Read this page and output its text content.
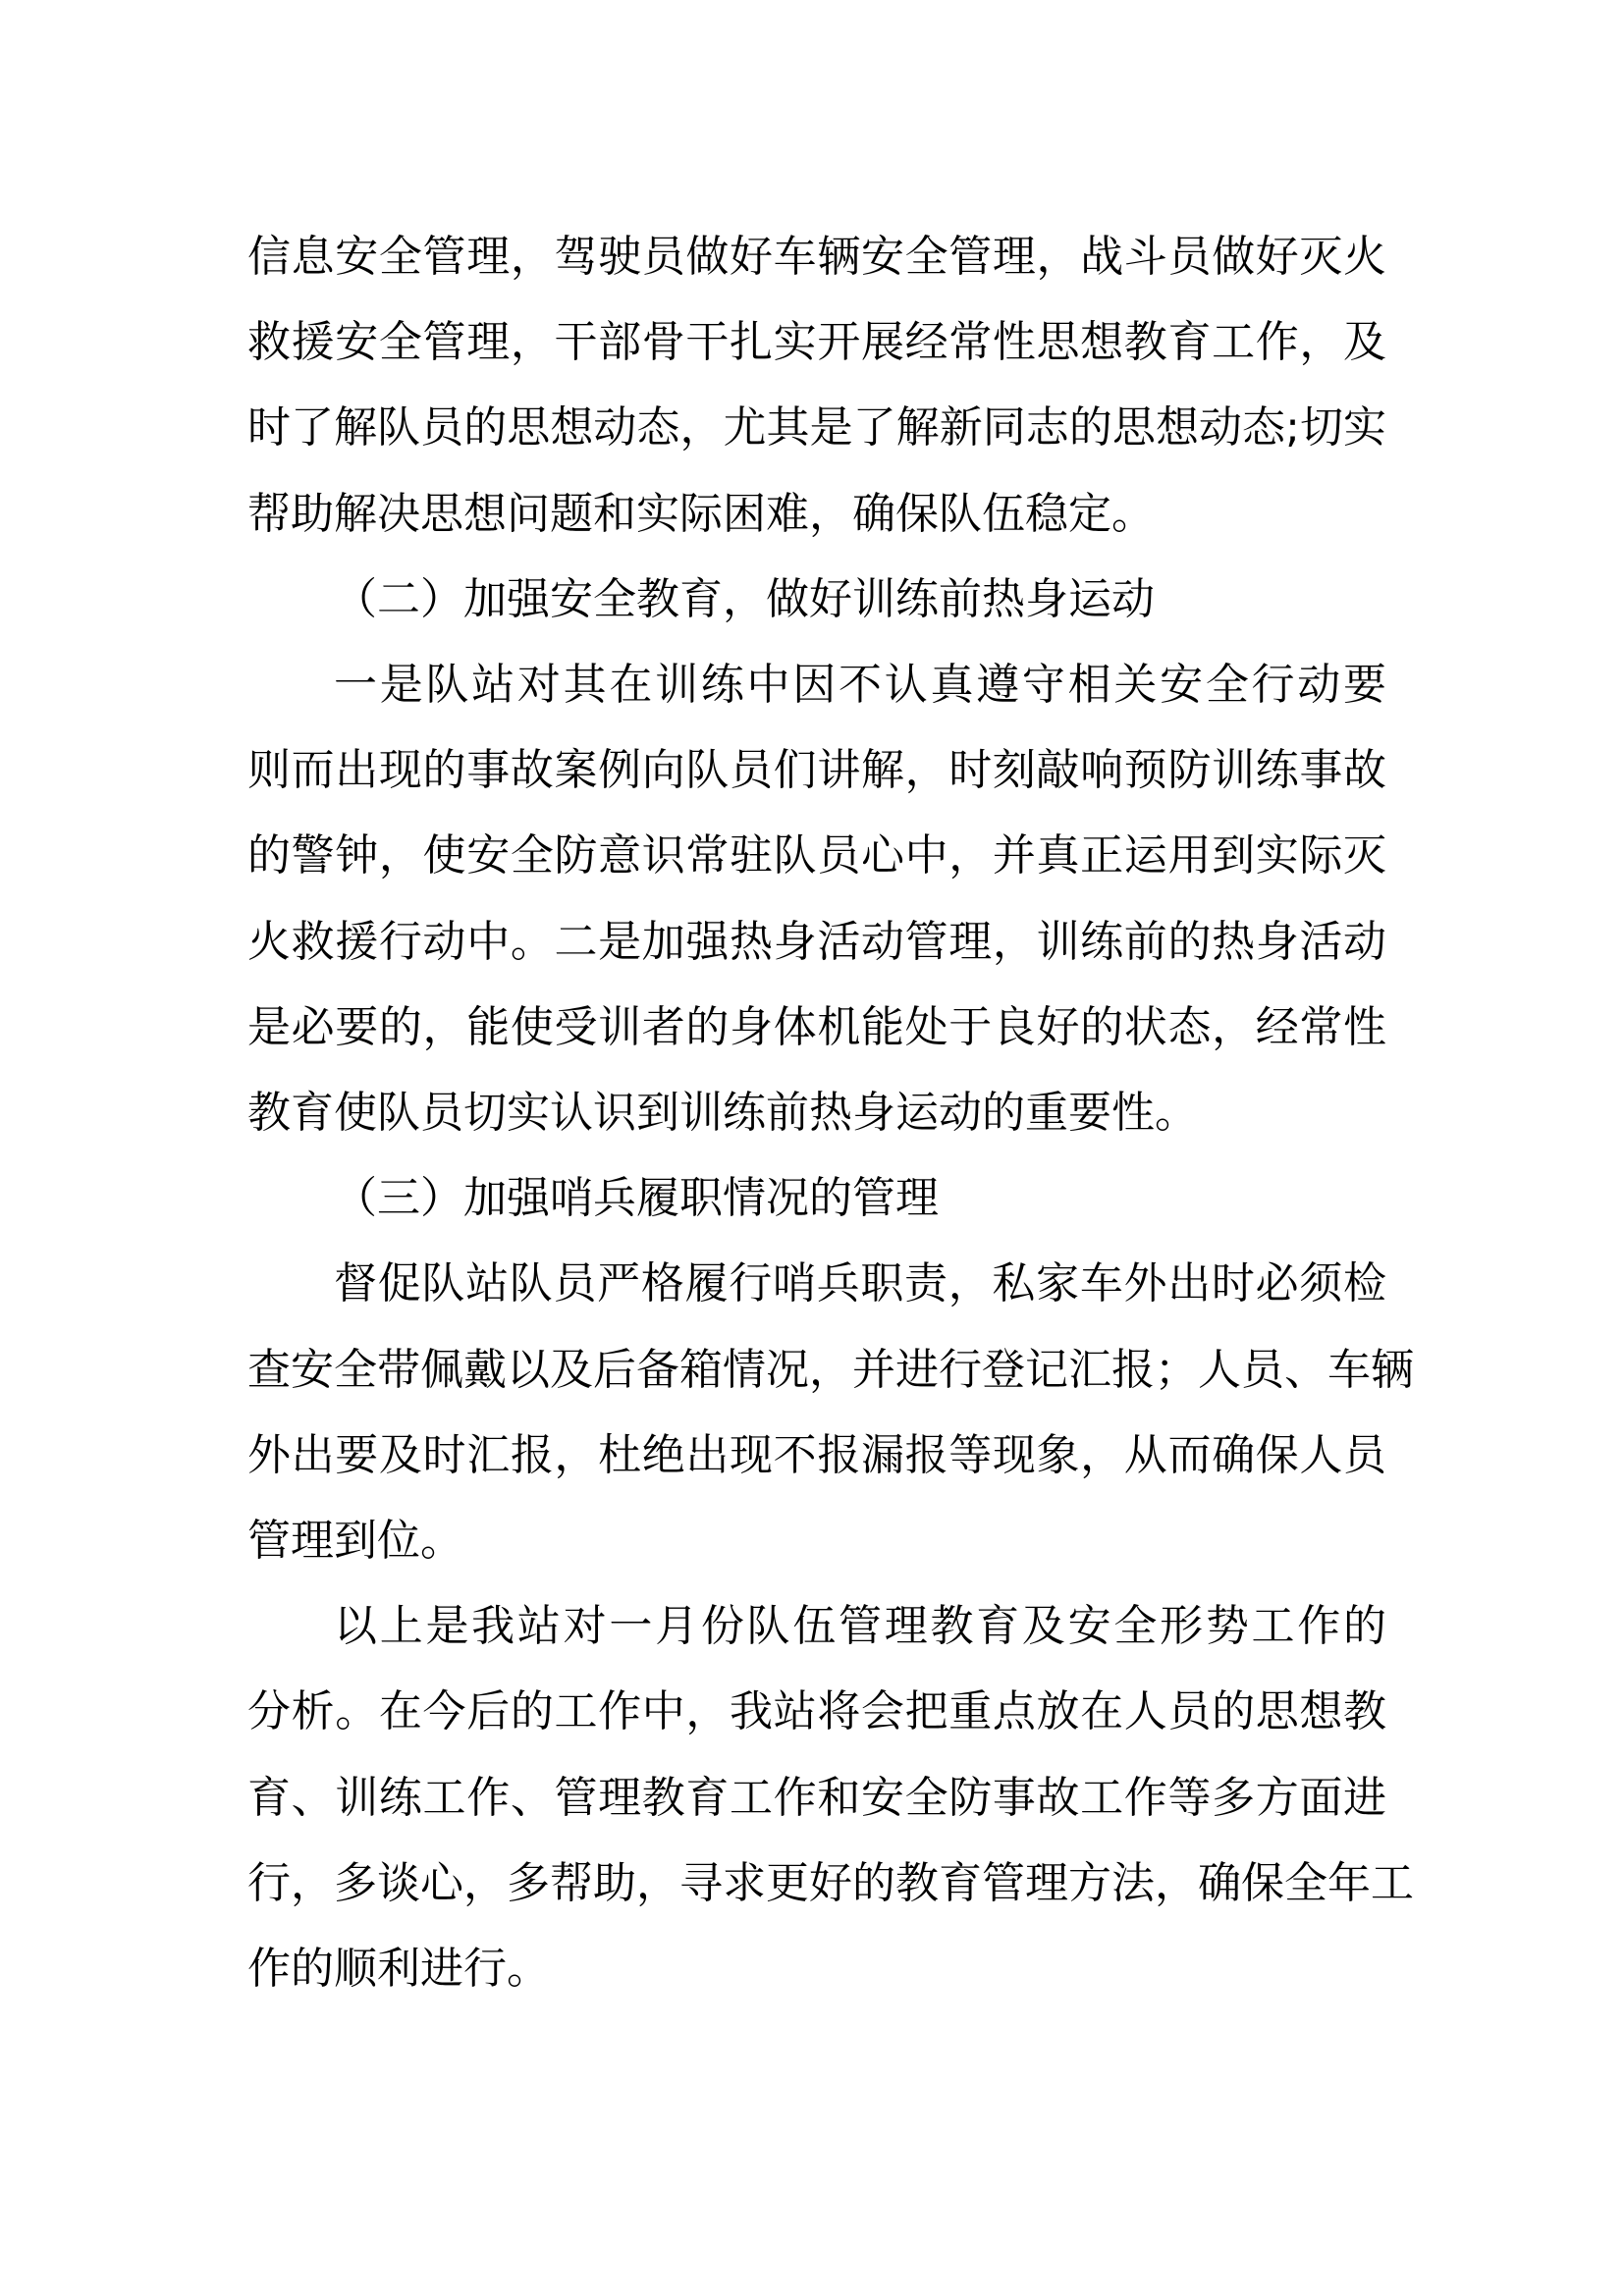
信息安全管理，驾驶员做好车辆安全管理，战斗员做好灭火
救援安全管理，干部骨干扎实开展经常性思想教育工作，及
时了解队员的思想动态，尤其是了解新同志的思想动态;切实
帮助解决思想问题和实际困难，确保队伍稳定。
（二）加强安全教育，做好训练前热身运动
一是队站对其在训练中因不认真遵守相关安全行动要
则而出现的事故案例向队员们讲解，时刻敲响预防训练事故
的警钟，使安全防意识常驻队员心中，并真正运用到实际灭
火救援行动中。二是加强热身活动管理，训练前的热身活动
是必要的，能使受训者的身体机能处于良好的状态，经常性
教育使队员切实认识到训练前热身运动的重要性。
（三）加强哨兵履职情况的管理
督促队站队员严格履行哨兵职责，私家车外出时必须检
查安全带佩戴以及后备箱情况，并进行登记汇报；人员、车辆
外出要及时汇报，杜绝出现不报漏报等现象，从而确保人员
管理到位。
以上是我站对一月份队伍管理教育及安全形势工作的
分析。在今后的工作中，我站将会把重点放在人员的思想教
育、训练工作、管理教育工作和安全防事故工作等多方面进
行，多谈心，多帮助，寻求更好的教育管理方法，确保全年工
作的顺利进行。
